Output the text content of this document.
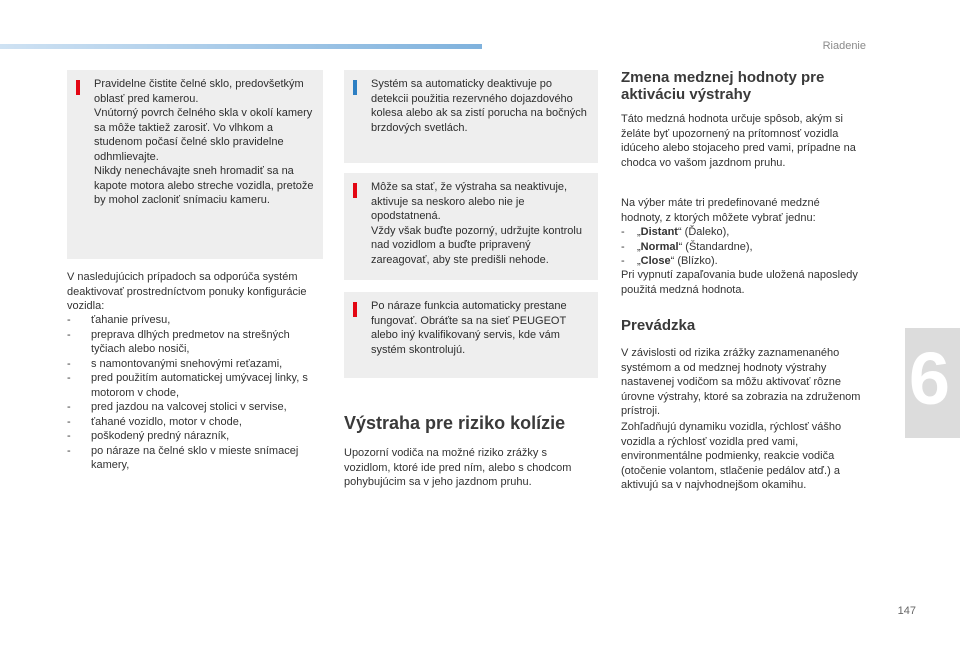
Riadenie

Pravidelne čistite čelné sklo, predovšetkým oblasť pred kamerou.
Vnútorný povrch čelného skla v okolí kamery sa môže taktiež zarosiť. Vo vlhkom a studenom počasí čelné sklo pravidelne odhmlievajte.
Nikdy nenechávajte sneh hromadiť sa na kapote motora alebo streche vozidla, pretože by mohol zacloniť snímaciu kameru.

V nasledujúcich prípadoch sa odporúča systém deaktivovať prostredníctvom ponuky konfigurácie vozidla:

- ťahanie prívesu,
- preprava dlhých predmetov na strešných tyčiach alebo nosiči,
- s namontovanými snehovými reťazami,
- pred použitím automatickej umývacej linky, s motorom v chode,
- pred jazdou na valcovej stolici v servise,
- ťahané vozidlo, motor v chode,
- poškodený predný nárazník,
- po náraze na čelné sklo v mieste snímacej kamery,

Systém sa automaticky deaktivuje po detekcii použitia rezervného dojazdového kolesa alebo ak sa zistí porucha na bočných brzdových svetlách.

Môže sa stať, že výstraha sa neaktivuje, aktivuje sa neskoro alebo nie je opodstatnená.
Vždy však buďte pozorný, udržujte kontrolu nad vozidlom a buďte pripravený zareagovať, aby ste predišli nehode.

Po náraze funkcia automaticky prestane fungovať. Obráťte sa na sieť PEUGEOT alebo iný kvalifikovaný servis, kde vám systém skontrolujú.

Výstraha pre riziko kolízie

Upozorní vodiča na možné riziko zrážky s vozidlom, ktoré ide pred ním, alebo s chodcom pohybujúcim sa v jeho jazdnom pruhu.

Zmena medznej hodnoty pre aktiváciu výstrahy

Táto medzná hodnota určuje spôsob, akým si želáte byť upozornený na prítomnosť vozidla idúceho alebo stojaceho pred vami, prípadne na chodca vo vašom jazdnom pruhu.

Na výber máte tri predefinované medzné hodnoty, z ktorých môžete vybrať jednu:

- „Distant“ (Ďaleko),
- „Normal“ (Štandardne),
- „Close“ (Blízko).

Pri vypnutí zapaľovania bude uložená naposledy použitá medzná hodnota.

Prevádzka

V závislosti od rizika zrážky zaznamenaného systémom a od medznej hodnoty výstrahy nastavenej vodičom sa môžu aktivovať rôzne úrovne výstrahy, ktoré sa zobrazia na združenom prístroji.

Zohľadňujú dynamiku vozidla, rýchlosť vášho vozidla a rýchlosť vozidla pred vami, environmentálne podmienky, reakcie vodiča (otočenie volantom, stlačenie pedálov atď.) a aktivujú sa v najvhodnejšom okamihu.

6
147
